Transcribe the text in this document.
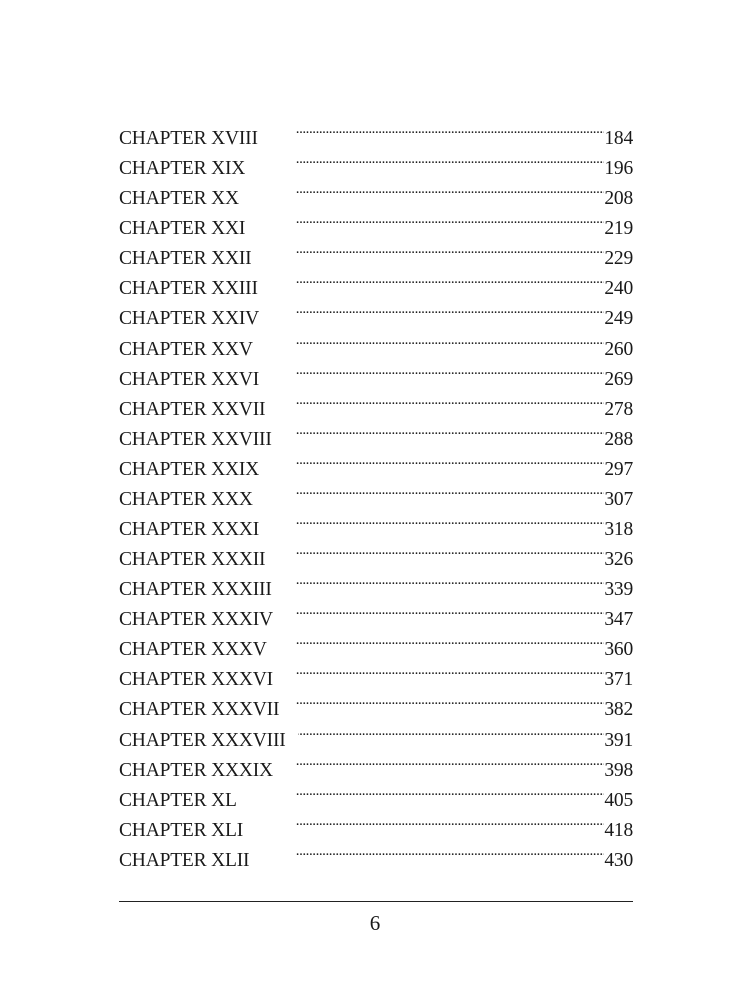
CHAPTER XVIII . . .	184
CHAPTER XIX . . .	196
CHAPTER XX . . .	208
CHAPTER XXI . . .	219
CHAPTER XXII . . .	229
CHAPTER XXIII . . .	240
CHAPTER XXIV . . .	249
CHAPTER XXV . . .	260
CHAPTER XXVI . . .	269
CHAPTER XXVII . . .	278
CHAPTER XXVIII . . .	288
CHAPTER XXIX . . .	297
CHAPTER XXX . . .	307
CHAPTER XXXI . . .	318
CHAPTER XXXII . . .	326
CHAPTER XXXIII . . .	339
CHAPTER XXXIV . . .	347
CHAPTER XXXV . . .	360
CHAPTER XXXVI . . .	371
CHAPTER XXXVII . . .	382
CHAPTER XXXVIII . . .	391
CHAPTER XXXIX . . .	398
CHAPTER XL . . .	405
CHAPTER XLI . . .	418
CHAPTER XLII . . .	430
6
